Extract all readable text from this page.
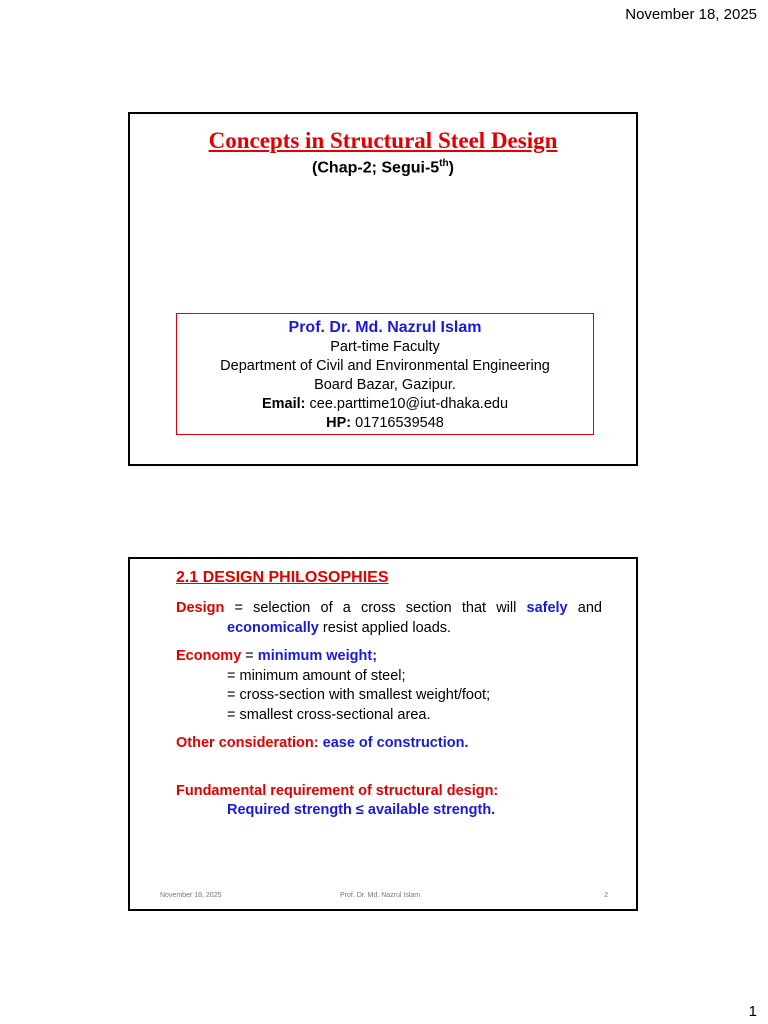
November 18, 2025
Concepts in Structural Steel Design
(Chap-2; Segui-5th)
Prof. Dr. Md. Nazrul Islam
Part-time Faculty
Department of Civil and Environmental Engineering
Board Bazar, Gazipur.
Email: cee.parttime10@iut-dhaka.edu
HP: 01716539548
2.1 DESIGN PHILOSOPHIES

Design = selection of a cross section that will safely and

economically resist applied loads.

Economy = minimum weight;

= minimum amount of steel;

= cross-section with smallest weight/foot;

= smallest cross-sectional area.

Other consideration: ease of construction.

Fundamental requirement of structural design:

Required strength ≤ available strength.

November 18, 2025	Prof. Dr. Md. Nazrul Islam	2
1
